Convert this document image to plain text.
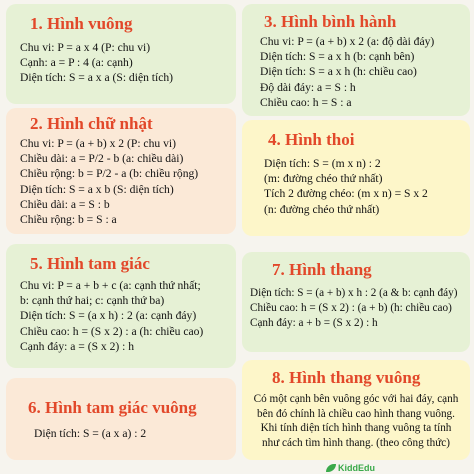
1. Hình vuông
Chu vi: P = a x 4 (P: chu vi)
Cạnh: a = P : 4 (a: cạnh)
Diện tích: S = a x a (S: diện tích)
3. Hình bình hành
Chu vi: P = (a + b) x 2 (a: độ dài đáy)
Diện tích: S = a x h (b: cạnh bên)
Diện tích: S = a x h (h: chiều cao)
Độ dài đáy: a = S : h
Chiều cao: h = S : a
2. Hình chữ nhật
Chu vi: P = (a + b) x 2 (P: chu vi)
Chiều dài: a = P/2 - b (a: chiều dài)
Chiều rộng: b = P/2 - a (b: chiều rộng)
Diện tích: S = a x b (S: diện tích)
Chiều dài: a = S : b
Chiều rộng: b = S : a
4. Hình thoi
Diện tích: S = (m x n) : 2
(m: đường chéo thứ nhất)
Tích 2 đường chéo: (m x n) = S x 2
(n: đường chéo thứ nhất)
5. Hình tam giác
Chu vi: P = a + b + c (a: cạnh thứ nhất;
b: cạnh thứ hai; c: cạnh thứ ba)
Diện tích: S = (a x h) : 2 (a: cạnh đáy)
Chiều cao: h = (S x 2) : a (h: chiều cao)
Cạnh đáy: a = (S x 2) : h
7. Hình thang
Diện tích: S = (a + b) x h : 2 (a & b: cạnh đáy)
Chiều cao: h = (S x 2) : (a + b) (h: chiều cao)
Cạnh đáy: a + b = (S x 2) : h
6. Hình tam giác vuông
Diện tích: S = (a x a) : 2
8. Hình thang vuông
Có một cạnh bên vuông góc với hai đáy, cạnh
bên đó chính là chiều cao hình thang vuông.
Khi tính diện tích hình thang vuông ta tính
như cách tìm hình thang. (theo công thức)
KiddEdu
